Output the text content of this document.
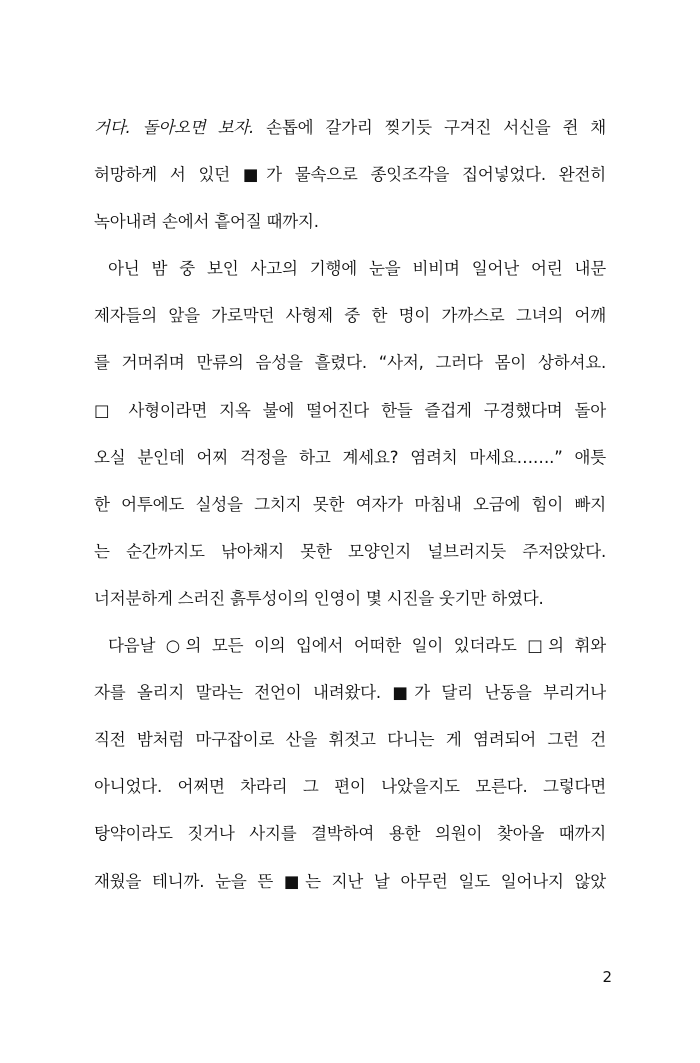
거다. 돌아오면 보자. 손톱에 갈가리 찢기듯 구겨진 서신을 쥔 채
허망하게 서 있던 ■가 물속으로 종잇조각을 집어넣었다. 완전히
녹아내려 손에서 흩어질 때까지.
아닌 밤 중 보인 사고의 기행에 눈을 비비며 일어난 어린 내문
제자들의 앞을 가로막던 사형제 중 한 명이 가까스로 그녀의 어깨
를 거머쥐며 만류의 음성을 흘렸다. “사저, 그러다 몸이 상하셔요.
□ 사형이라면 지옥 불에 떨어진다 한들 즐겁게 구경했다며 돌아
오실 분인데 어찌 걱정을 하고 계세요? 염려치 마세요…….” 애틋
한 어투에도 실성을 그치지 못한 여자가 마침내 오금에 힘이 빠지
는 순간까지도 낚아채지 못한 모양인지 널브러지듯 주저앉았다.
너저분하게 스러진 흙투성이의 인영이 몇 시진을 웃기만 하였다.
다음날 ○의 모든 이의 입에서 어떠한 일이 있더라도 □의 휘와
자를 올리지 말라는 전언이 내려왔다. ■가 달리 난동을 부리거나
직전 밤처럼 마구잡이로 산을 휘젓고 다니는 게 염려되어 그런 건
아니었다. 어쩌면 차라리 그 편이 나았을지도 모른다. 그렇다면
탕약이라도 짓거나 사지를 결박하여 용한 의원이 찾아올 때까지
재웠을 테니까. 눈을 뜬 ■는 지난 날 아무런 일도 일어나지 않았
2
